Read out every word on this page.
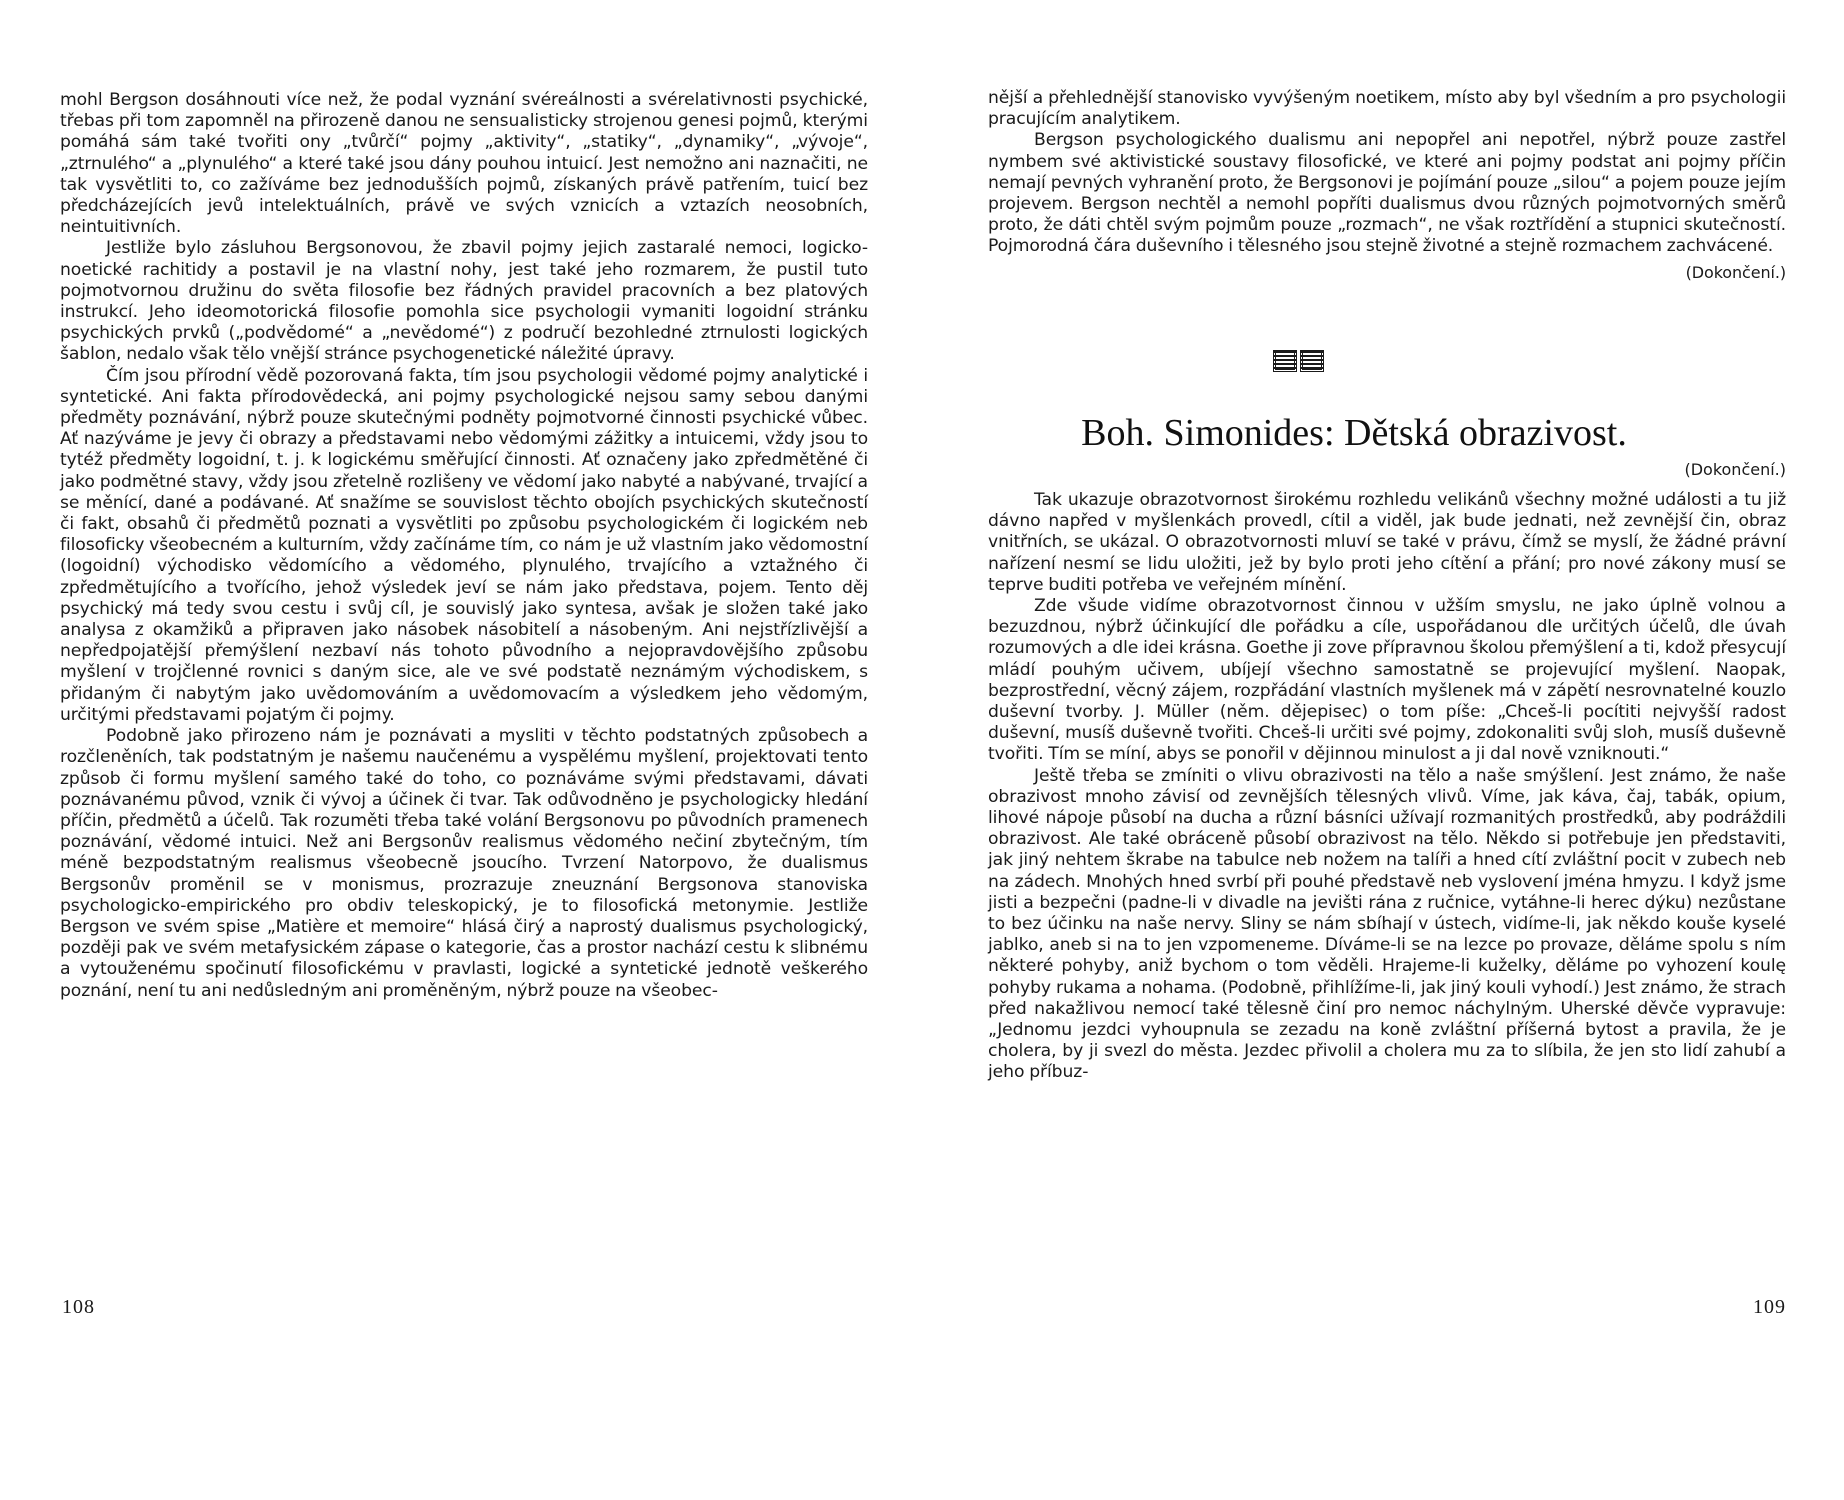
mohl Bergson dosáhnouti více než, že podal vyznání svéreálnosti a svérelativnosti psychické, třebas při tom zapomněl na přirozeně danou ne sensualisticky strojenou genesi pojmů, kterými pomáhá sám také tvořiti ony „tvůrčí“ pojmy „aktivity“, „statiky“, „dynamiky“, „vývoje“, „ztrnulého“ a „plynulého“ a které také jsou dány pouhou intuicí. Jest nemožno ani naznačiti, ne tak vysvětliti to, co zažíváme bez jednodušších pojmů, získaných právě patřením, tuicí bez předcházejících jevů intelektuálních, právě ve svých vznicích a vztazích neosobních, neintuitivních.

Jestliže bylo zásluhou Bergsonovou, že zbavil pojmy jejich zastaralé nemoci, logicko-noetické rachitidy a postavil je na vlastní nohy, jest také jeho rozmarem, že pustil tuto pojmotvornou družinu do světa filosofie bez řádných pravidel pracovních a bez platových instrukcí. Jeho ideomotorická filosofie pomohla sice psychologii vymaniti logoidní stránku psychických prvků („podvědomé“ a „nevědomé“) z područí bezohledné ztrnulosti logických šablon, nedalo však tělo vnější stránce psychogenetické náležité úpravy.

Čím jsou přírodní vědě pozorovaná fakta, tím jsou psychologii vědomé pojmy analytické i syntetické. Ani fakta přírodovědecká, ani pojmy psychologické nejsou samy sebou danými předměty poznávání, nýbrž pouze skutečnými podněty pojmotvorné činnosti psychické vůbec. Ať nazýváme je jevy či obrazy a představami nebo vědomými zážitky a intuicemi, vždy jsou to tytéž předměty logoidní, t. j. k logickému směřující činnosti. Ať označeny jako zpředmětěné či jako podmětné stavy, vždy jsou zřetelně rozlišeny ve vědomí jako nabyté a nabývané, trvající a se měnící, dané a podávané. Ať snažíme se souvislost těchto obojích psychických skutečností či fakt, obsahů či předmětů poznati a vysvětliti po způsobu psychologickém či logickém neb filosoficky všeobecném a kulturním, vždy začínáme tím, co nám je už vlastním jako vědomostní (logoidní) východisko vědomícího a vědomého, plynulého, trvajícího a vztažného či zpředmětujícího a tvořícího, jehož výsledek jeví se nám jako představa, pojem. Tento děj psychický má tedy svou cestu i svůj cíl, je souvislý jako syntesa, avšak je složen také jako analysa z okamžiků a připraven jako násobek násobitelí a násobeným. Ani nejstřízlivější a nepředpojatější přemýšlení nezbaví nás tohoto původního a nejopravdovějšího způsobu myšlení v trojčlenné rovnici s daným sice, ale ve své podstatě neznámým východiskem, s přidaným či nabytým jako uvědomováním a uvědomovacím a výsledkem jeho vědomým, určitými představami pojatým či pojmy.

Podobně jako přirozeno nám je poznávati a mysliti v těchto podstatných způsobech a rozčleněních, tak podstatným je našemu naučenému a vyspělému myšlení, projektovati tento způsob či formu myšlení samého také do toho, co poznáváme svými představami, dávati poznávanému původ, vznik či vývoj a účinek či tvar. Tak odůvodněno je psychologicky hledání příčin, předmětů a účelů. Tak rozuměti třeba také volání Bergsonovu po původních pramenech poznávání, vědomé intuici. Než ani Bergsonův realismus vědomého nečiní zbytečným, tím méně bezpodstatným realismus všeobecně jsoucího. Tvrzení Natorpovo, že dualismus Bergsonův proměnil se v monismus, prozrazuje zneuznání Bergsonova stanoviska psychologicko-empirického pro obdiv teleskopický, je to filosofická metonymie. Jestliže Bergson ve svém spise „Matière et memoire“ hlásá čirý a naprostý dualismus psychologický, později pak ve svém metafysickém zápase o kategorie, čas a prostor nachází cestu k slibnému a vytouženému spočinutí filosofickému v pravlasti, logické a syntetické jednotě veškerého poznání, není tu ani nedůsledným ani proměněným, nýbrž pouze na všeobec-

108

nější a přehlednější stanovisko vyvýšeným noetikem, místo aby byl všedním a pro psychologii pracujícím analytikem.

Bergson psychologického dualismu ani nepopřel ani nepotřel, nýbrž pouze zastřel nymbem své aktivistické soustavy filosofické, ve které ani pojmy podstat ani pojmy příčin nemají pevných vyhranění proto, že Bergsonovi je pojímání pouze „silou“ a pojem pouze jejím projevem. Bergson nechtěl a nemohl popříti dualismus dvou různých pojmotvorných směrů proto, že dáti chtěl svým pojmům pouze „rozmach“, ne však roztřídění a stupnici skutečností. Pojmorodná čára duševního i tělesného jsou stejně životné a stejně rozmachem zachvácené.

(Dokončení.)
Boh. Simonides: Dětská obrazivost.
(Dokončení.)

Tak ukazuje obrazotvornost širokému rozhledu velikánů všechny možné události a tu již dávno napřed v myšlenkách provedl, cítil a viděl, jak bude jednati, než zevnější čin, obraz vnitřních, se ukázal. O obrazotvornosti mluví se také v právu, čímž se myslí, že žádné právní nařízení nesmí se lidu uložiti, jež by bylo proti jeho cítění a přání; pro nové zákony musí se teprve buditi potřeba ve veřejném mínění.

Zde všude vidíme obrazotvornost činnou v užším smyslu, ne jako úplně volnou a bezuzdnou, nýbrž účinkující dle pořádku a cíle, uspořádanou dle určitých účelů, dle úvah rozumových a dle idei krásna. Goethe ji zove přípravnou školou přemýšlení a ti, kdož přesycují mládí pouhým učivem, ubíjejí všechno samostatně se projevující myšlení. Naopak, bezprostřední, věcný zájem, rozpřádání vlastních myšlenek má v zápětí nesrovnatelné kouzlo duševní tvorby. J. Müller (něm. dějepisec) o tom píše: „Chceš-li pocítiti nejvyšší radost duševní, musíš duševně tvořiti. Chceš-li určiti své pojmy, zdokonaliti svůj sloh, musíš duševně tvořiti. Tím se míní, abys se ponořil v dějinnou minulost a ji dal nově vzniknouti.“

Ještě třeba se zmíniti o vlivu obrazivosti na tělo a naše smýšlení. Jest známo, že naše obrazivost mnoho závisí od zevnějších tělesných vlivů. Víme, jak káva, čaj, tabák, opium, lihové nápoje působí na ducha a různí básníci užívají rozmanitých prostředků, aby podráždili obrazivost. Ale také obráceně působí obrazivost na tělo. Někdo si potřebuje jen představiti, jak jiný nehtem škrabe na tabulce neb nožem na talíři a hned cítí zvláštní pocit v zubech neb na zádech. Mnohých hned svrbí při pouhé představě neb vyslovení jména hmyzu. I když jsme jisti a bezpečni (padne-li v divadle na jevišti rána z ručnice, vytáhne-li herec dýku) nezůstane to bez účinku na naše nervy. Sliny se nám sbíhají v ústech, vidíme-li, jak někdo kouše kyselé jablko, aneb si na to jen vzpomeneme. Díváme-li se na lezce po provaze, děláme spolu s ním některé pohyby, aniž bychom o tom věděli. Hrajeme-li kuželky, děláme po vyhození koulę pohyby rukama a nohama. (Podobně, přihlížíme-li, jak jiný kouli vyhodí.) Jest známo, že strach před nakažlivou nemocí také tělesně činí pro nemoc náchylným. Uherské děvče vypravuje: „Jednomu jezdci vyhoupnula se zezadu na koně zvláštní příšerná bytost a pravila, že je cholera, by ji svezl do města. Jezdec přivolil a cholera mu za to slíbila, že jen sto lidí zahubí a jeho příbuz-

109
